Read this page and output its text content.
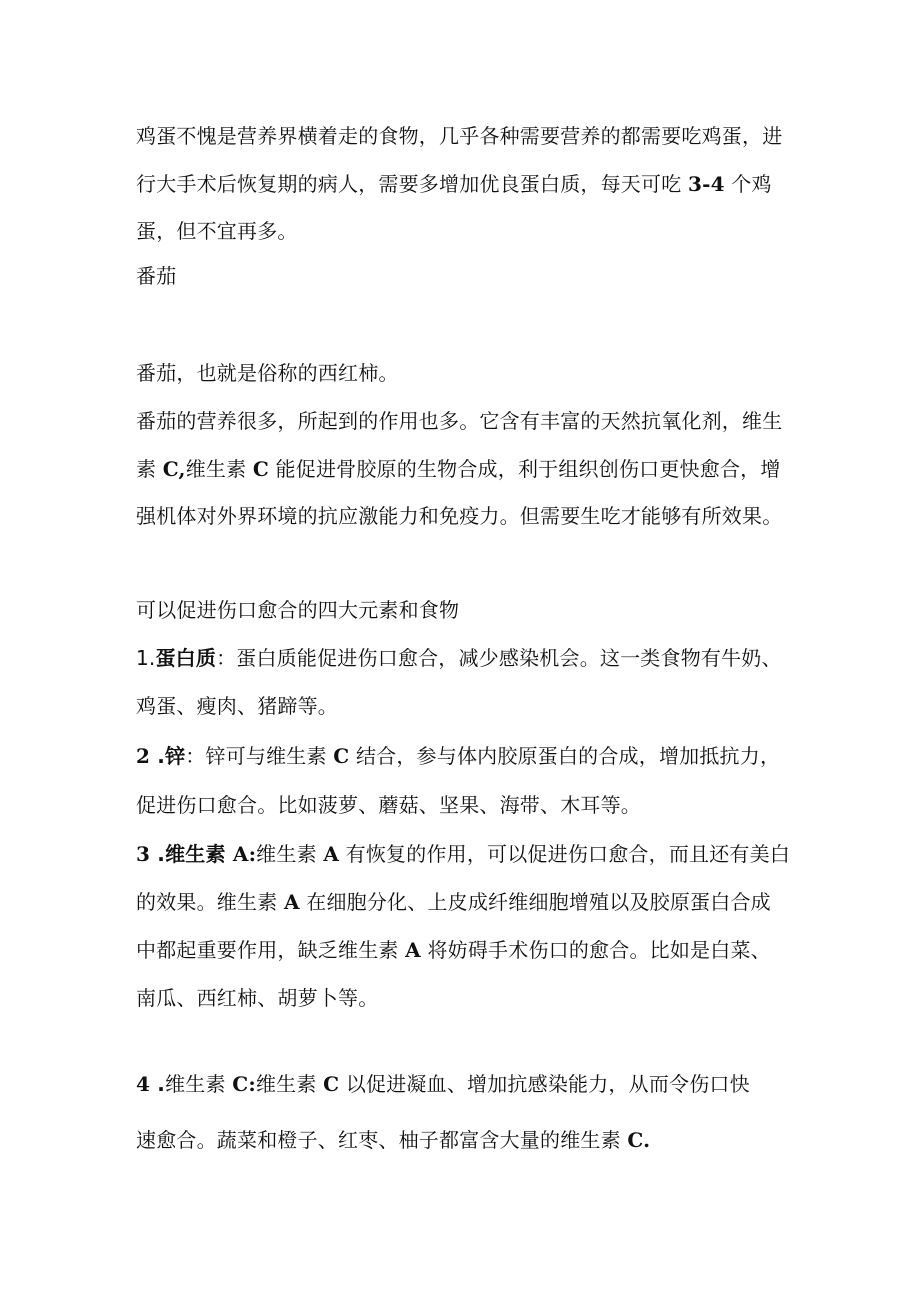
鸡蛋不愧是营养界横着走的食物，几乎各种需要营养的都需要吃鸡蛋，进
行大手术后恢复期的病人，需要多增加优良蛋白质，每天可吃 3-4 个鸡
蛋，但不宜再多。
番茄
番茄，也就是俗称的西红柿。
番茄的营养很多，所起到的作用也多。它含有丰富的天然抗氧化剂，维生
素 C,维生素 C 能促进骨胶原的生物合成，利于组织创伤口更快愈合，增
强机体对外界环境的抗应激能力和免疫力。但需要生吃才能够有所效果。
可以促进伤口愈合的四大元素和食物
1.蛋白质：蛋白质能促进伤口愈合，减少感染机会。这一类食物有牛奶、
鸡蛋、瘦肉、猪蹄等。
2 .锌：锌可与维生素 C 结合，参与体内胶原蛋白的合成，增加抵抗力，
促进伤口愈合。比如菠萝、蘑菇、坚果、海带、木耳等。
3 .维生素 A:维生素 A 有恢复的作用，可以促进伤口愈合，而且还有美白
的效果。维生素 A 在细胞分化、上皮成纤维细胞增殖以及胶原蛋白合成
中都起重要作用，缺乏维生素 A 将妨碍手术伤口的愈合。比如是白菜、
南瓜、西红柿、胡萝卜等。
4 .维生素 C:维生素 C 以促进凝血、增加抗感染能力，从而令伤口快
速愈合。蔬菜和橙子、红枣、柚子都富含大量的维生素 C.
